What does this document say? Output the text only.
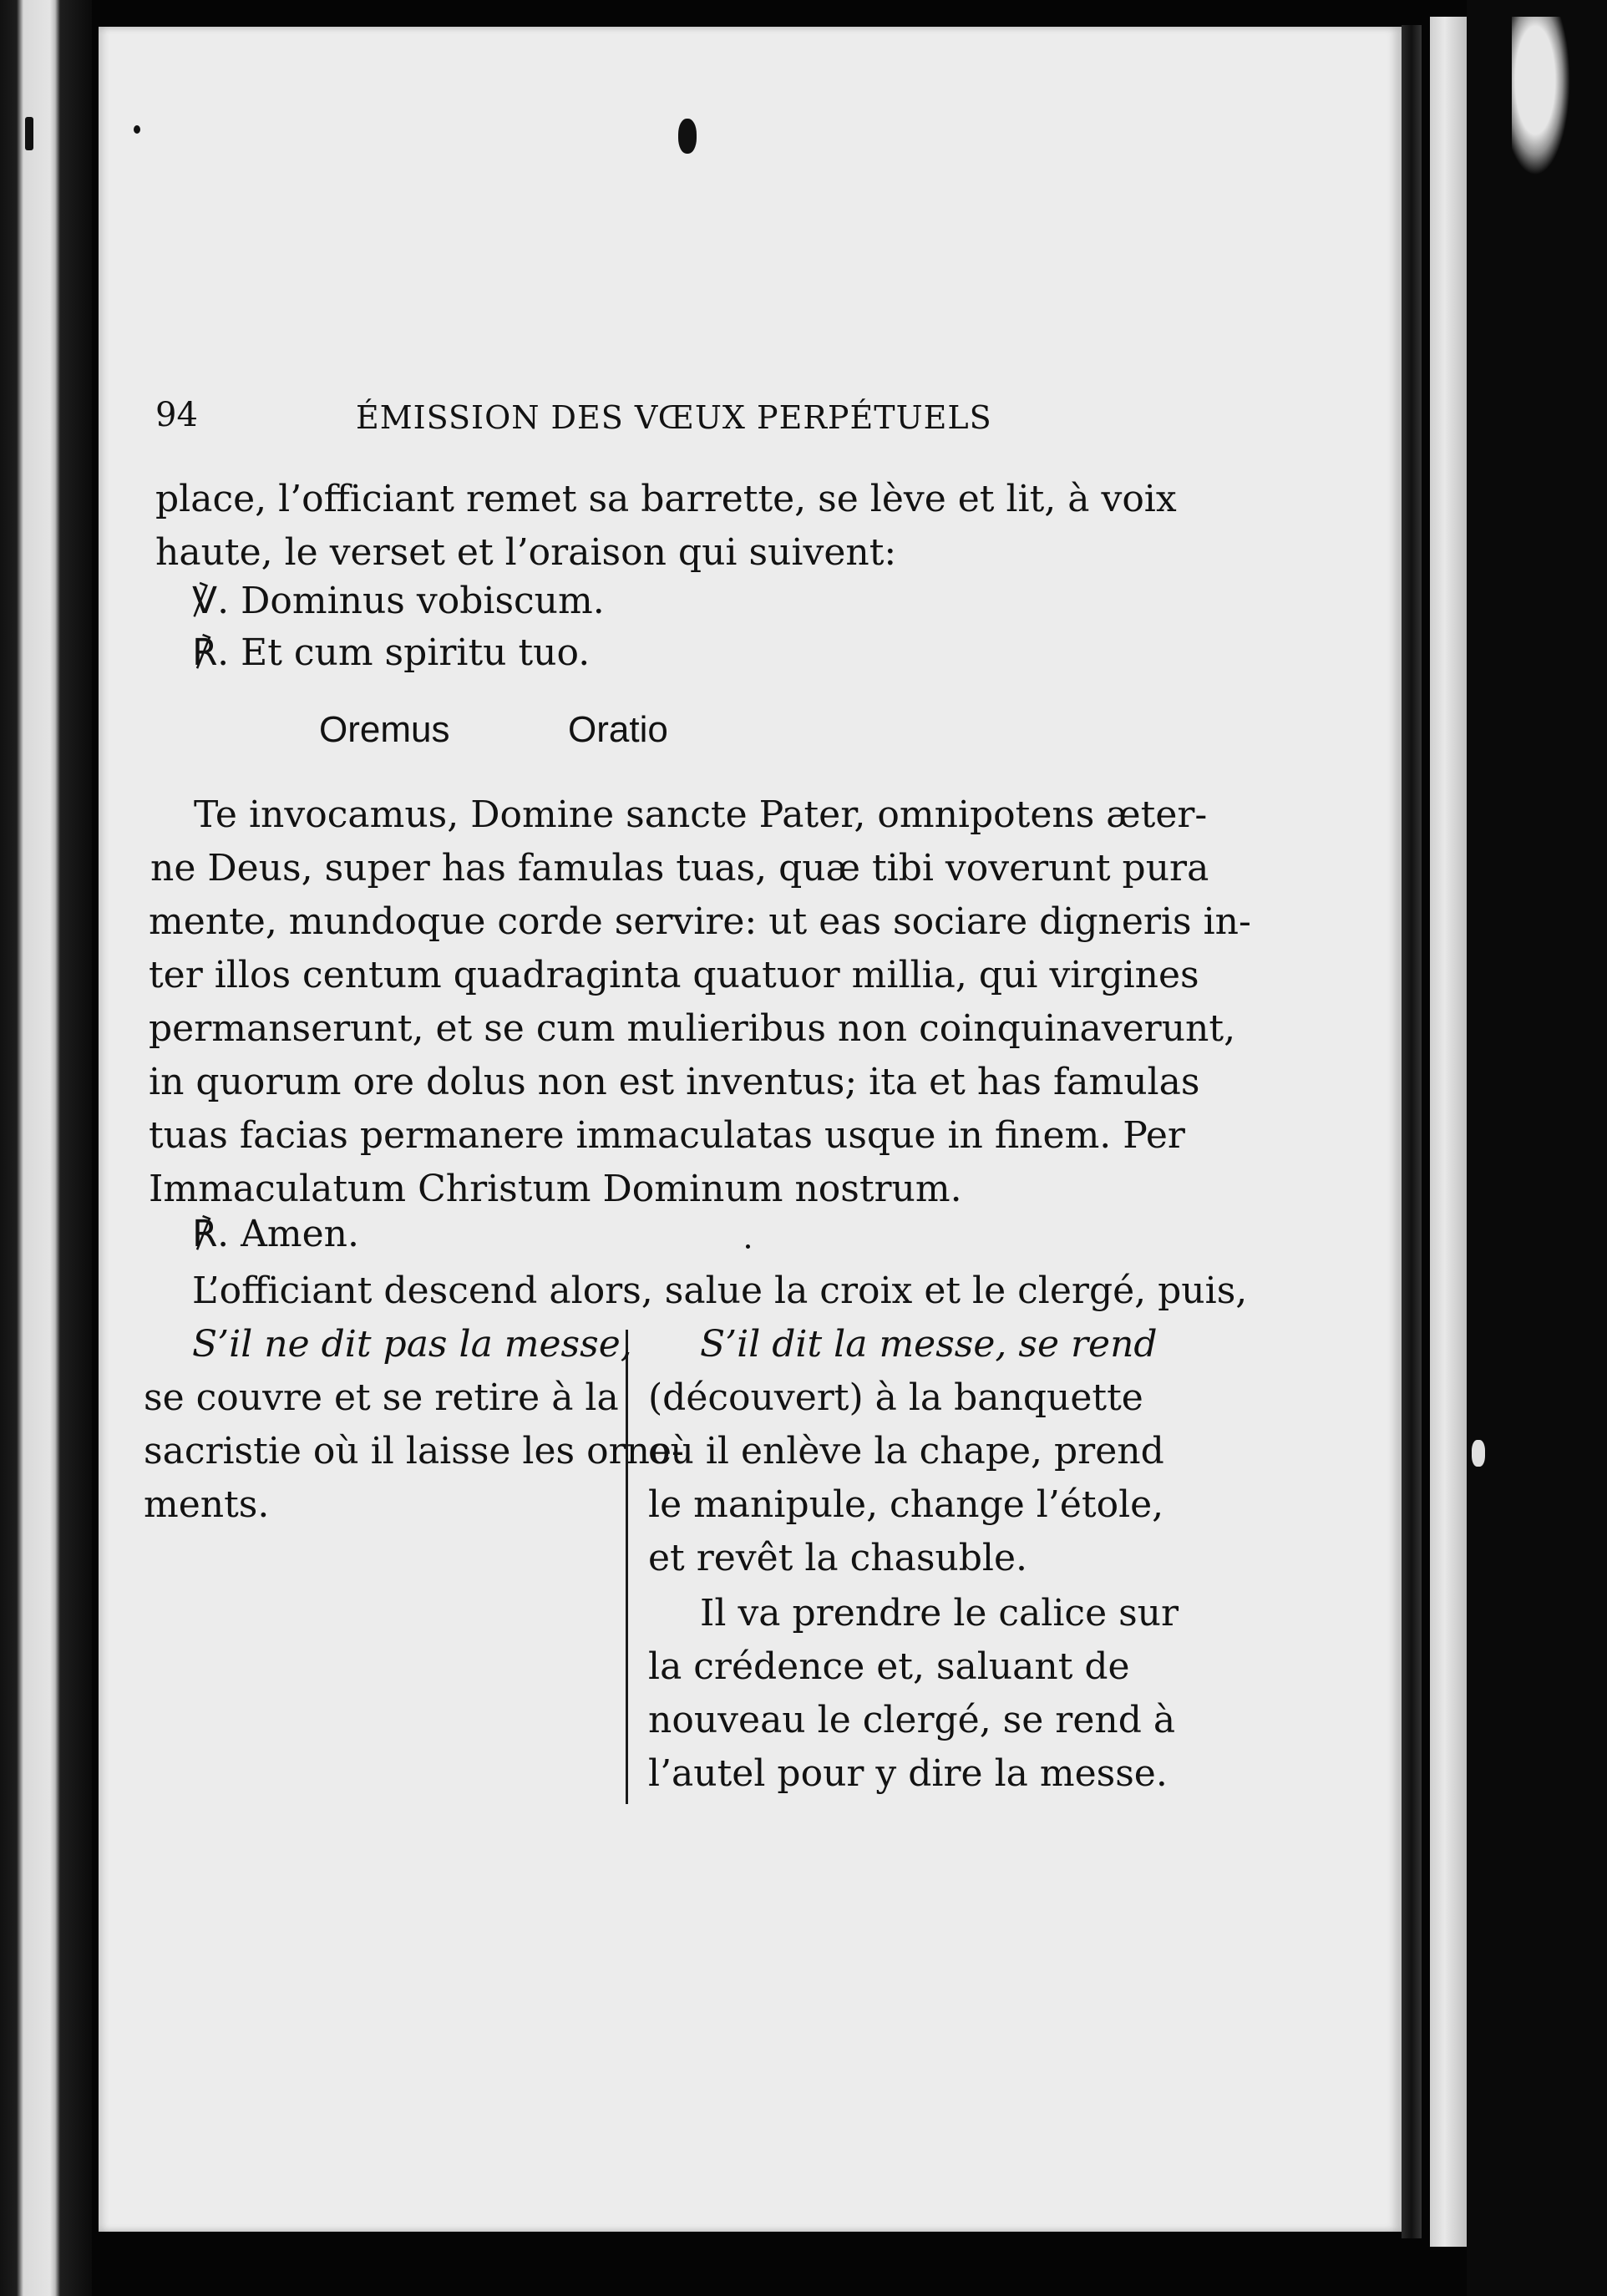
94	ÉMISSION DES VŒUX PERPÉTUELS
place, l’officiant remet sa barrette, se lève et lit, à voix
haute, le verset et l’oraison qui suivent:
℣. Dominus vobiscum.
℟. Et cum spiritu tuo.
Oremus	Oratio
Te invocamus, Domine sancte Pater, omnipotens æter-
ne Deus, super has famulas tuas, quæ tibi voverunt pura
mente, mundoque corde servire: ut eas sociare digneris in-
ter illos centum quadraginta quatuor millia, qui virgines
permanserunt, et se cum mulieribus non coinquinaverunt,
in quorum ore dolus non est inventus; ita et has famulas
tuas facias permanere immaculatas usque in finem. Per
Immaculatum Christum Dominum nostrum.
℟. Amen.
L’officiant descend alors, salue la croix et le clergé, puis,
S’il ne dit pas la messe,
se couvre et se retire à la
sacristie où il laisse les orne-
ments.
S’il dit la messe, se rend
(découvert) à la banquette
où il enlève la chape, prend
le manipule, change l’étole,
et revêt la chasuble.
Il va prendre le calice sur
la crédence et, saluant de
nouveau le clergé, se rend à
l’autel pour y dire la messe.
